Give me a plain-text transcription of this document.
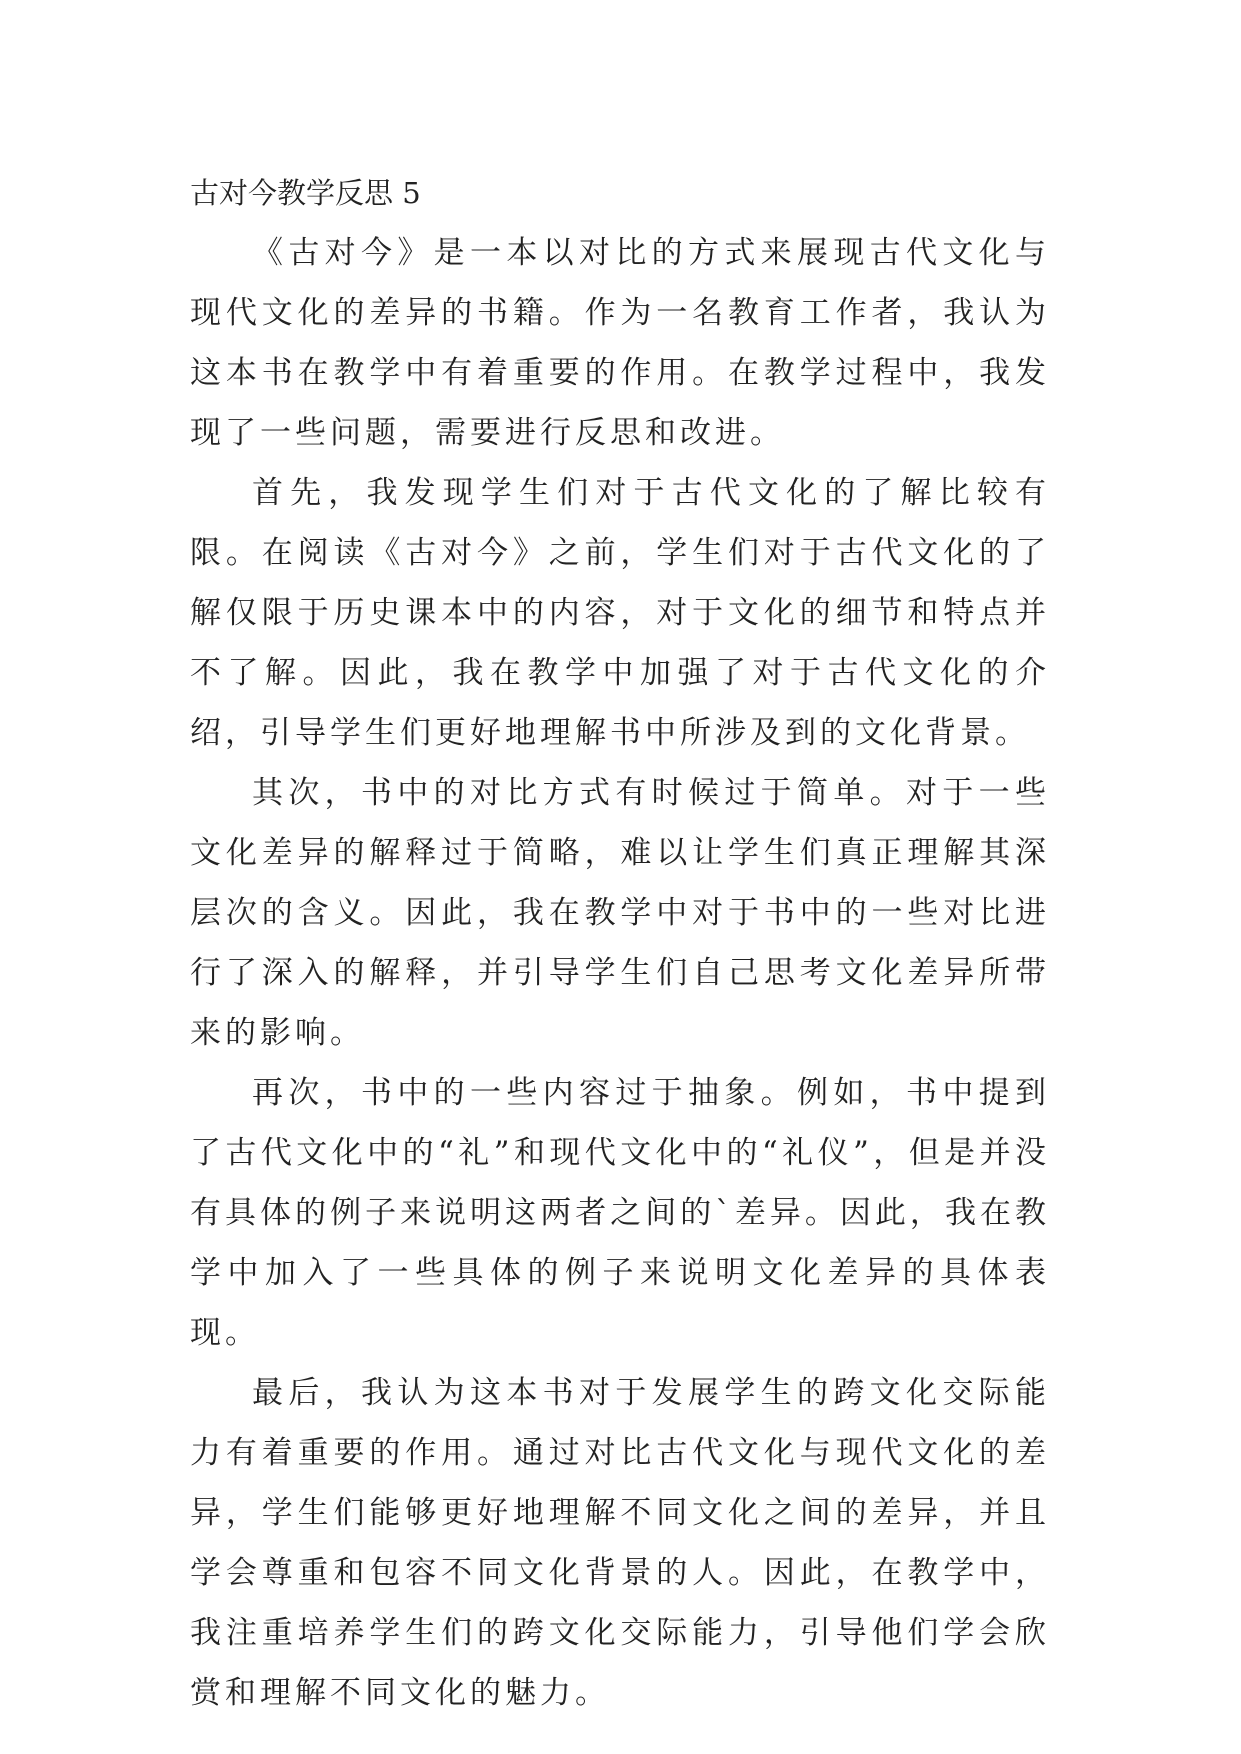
古对今教学反思 5

《古对今》是一本以对比的方式来展现古代文化与现代文化的差异的书籍。作为一名教育工作者，我认为这本书在教学中有着重要的作用。在教学过程中，我发现了一些问题，需要进行反思和改进。

首先，我发现学生们对于古代文化的了解比较有限。在阅读《古对今》之前，学生们对于古代文化的了解仅限于历史课本中的内容，对于文化的细节和特点并不了解。因此，我在教学中加强了对于古代文化的介绍，引导学生们更好地理解书中所涉及到的文化背景。

其次，书中的对比方式有时候过于简单。对于一些文化差异的解释过于简略，难以让学生们真正理解其深层次的含义。因此，我在教学中对于书中的一些对比进行了深入的解释，并引导学生们自己思考文化差异所带来的影响。

再次，书中的一些内容过于抽象。例如，书中提到了古代文化中的“礼”和现代文化中的“礼仪”，但是并没有具体的例子来说明这两者之间的`差异。因此，我在教学中加入了一些具体的例子来说明文化差异的具体表现。

最后，我认为这本书对于发展学生的跨文化交际能力有着重要的作用。通过对比古代文化与现代文化的差异，学生们能够更好地理解不同文化之间的差异，并且学会尊重和包容不同文化背景的人。因此，在教学中，我注重培养学生们的跨文化交际能力，引导他们学会欣赏和理解不同文化的魅力。
